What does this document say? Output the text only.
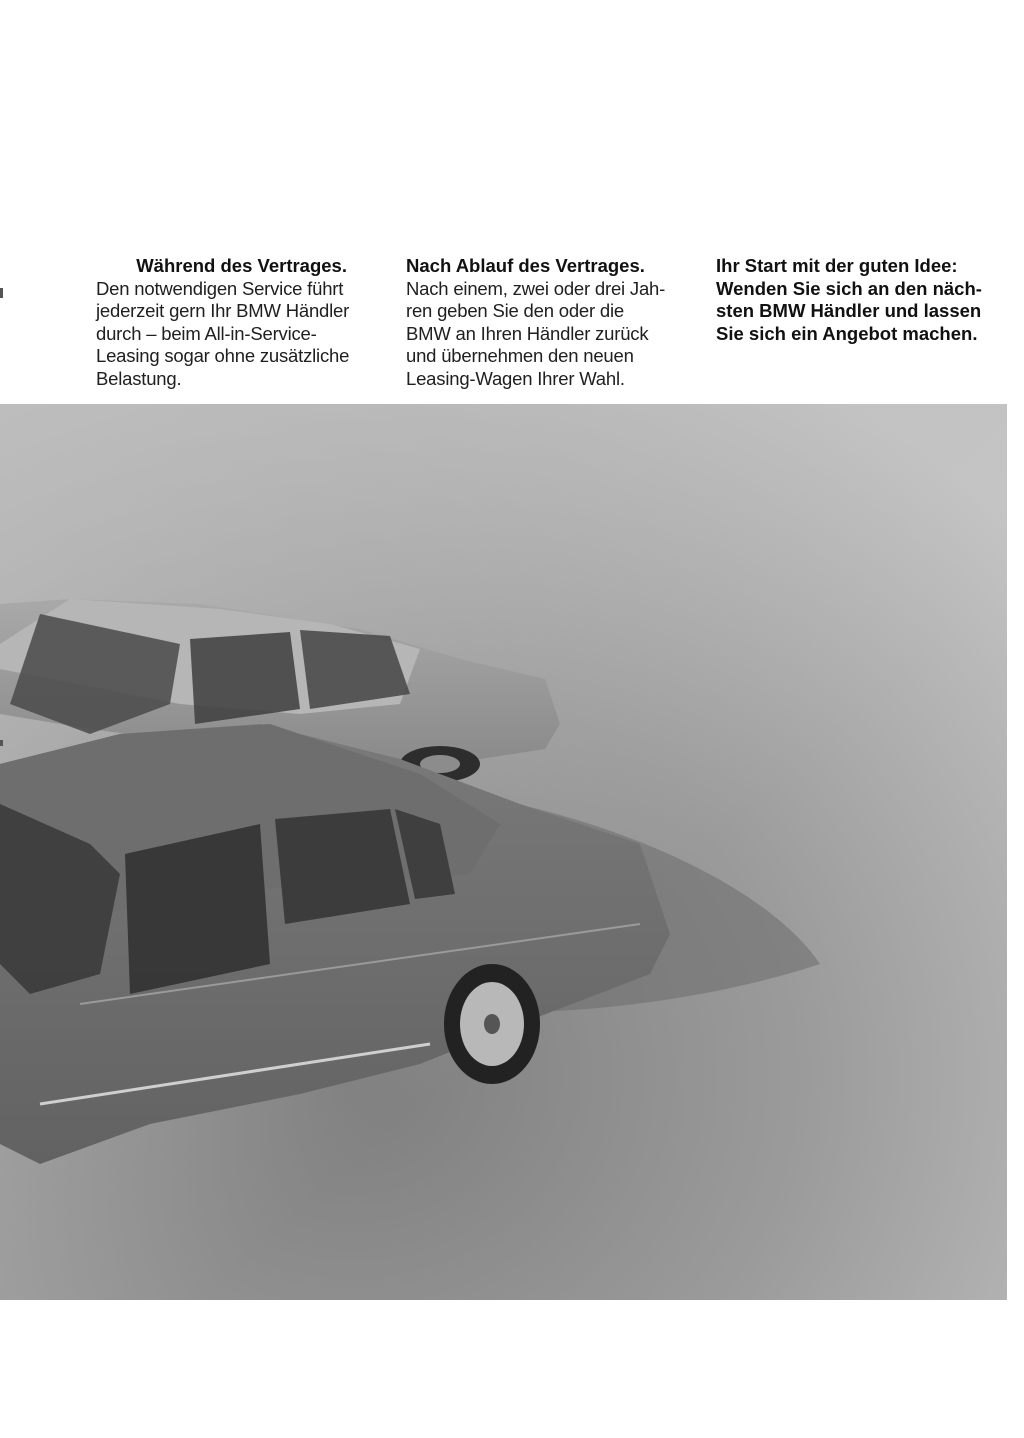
Während des Vertrages.
Den notwendigen Service führt
jederzeit gern Ihr BMW Händler
durch – beim All-in-Service-
Leasing sogar ohne zusätzliche
Belastung.
Nach Ablauf des Vertrages.
Nach einem, zwei oder drei Jah-
ren geben Sie den oder die
BMW an Ihren Händler zurück
und übernehmen den neuen
Leasing-Wagen Ihrer Wahl.
Ihr Start mit der guten Idee:
Wenden Sie sich an den näch-
sten BMW Händler und lassen
Sie sich ein Angebot machen.
